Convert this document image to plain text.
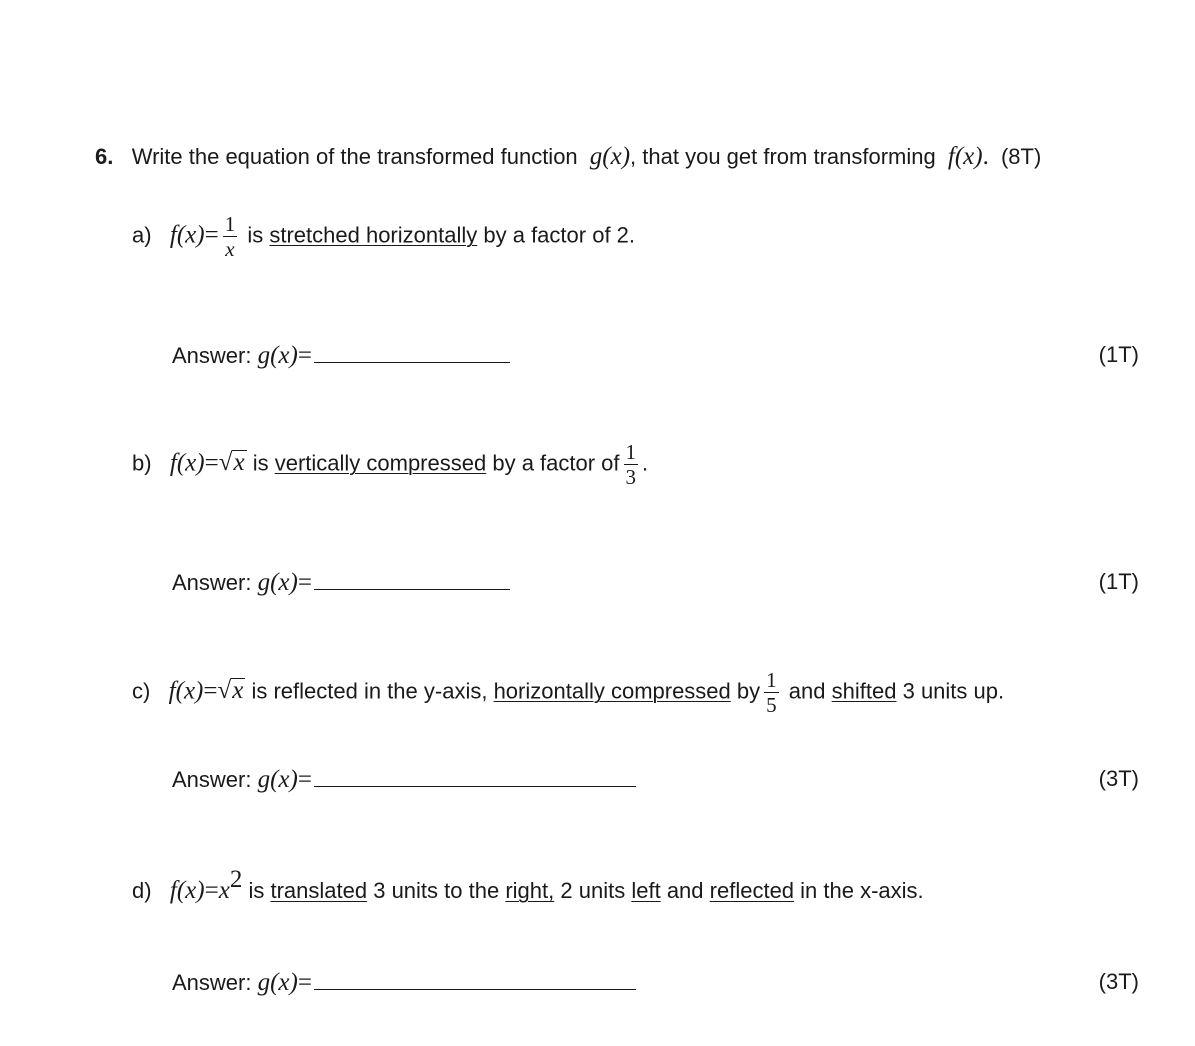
6. Write the equation of the transformed function g(x), that you get from transforming f(x). (8T)
a) $f(x)= \frac{1}{x}$ is stretched horizontally by a factor of 2.
Answer: g(x)=	(1T)
b) f(x)=√x is vertically compressed by a factor of $\frac{1}{3}$ .
Answer: g(x)=	(1T)
c) f(x)=√x is reflected in the y-axis, horizontally compressed by $\frac{1}{5}$ and shifted 3 units up.
Answer: g(x)=	(3T)
d) $f(x)=x^2$ is translated 3 units to the right, 2 units left and reflected in the x-axis.
Answer: g(x)=	(3T)
